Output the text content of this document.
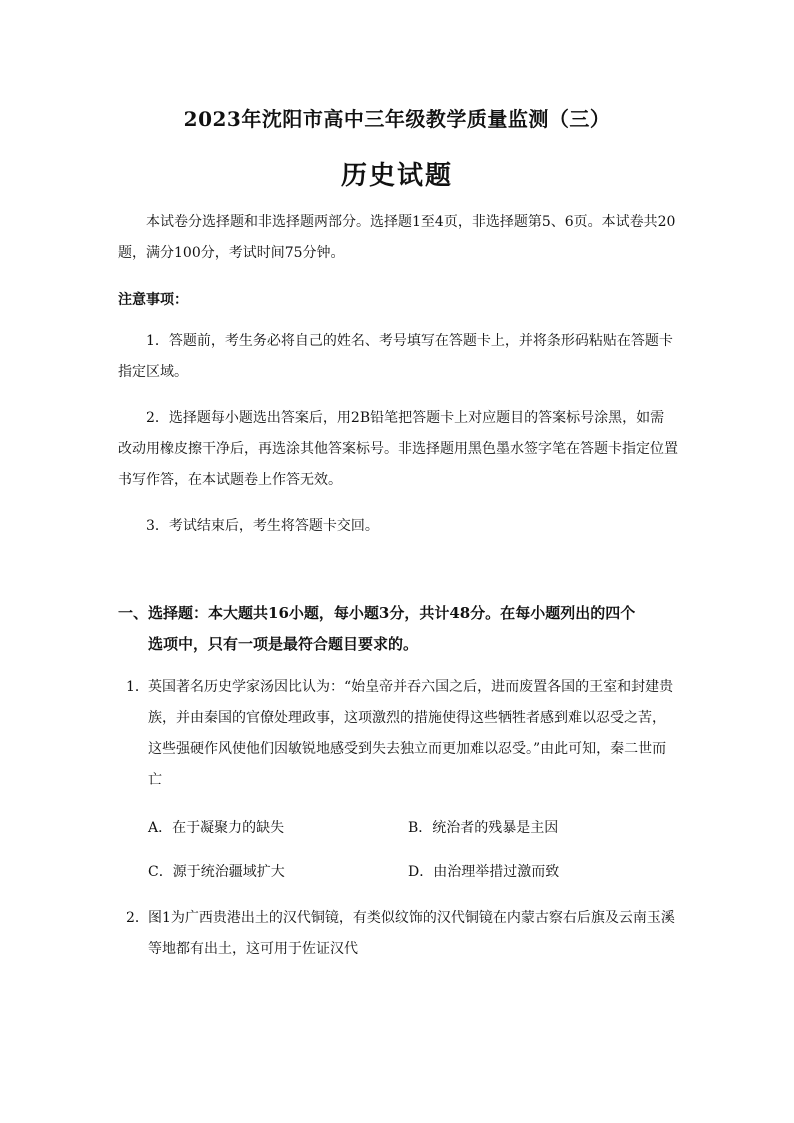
2023年沈阳市高中三年级教学质量监测（三）
历史试题
本试卷分选择题和非选择题两部分。选择题1至4页，非选择题第5、6页。本试卷共20题，满分100分，考试时间75分钟。
注意事项：
1．答题前，考生务必将自己的姓名、考号填写在答题卡上，并将条形码粘贴在答题卡指定区域。
2．选择题每小题选出答案后，用2B铅笔把答题卡上对应题目的答案标号涂黑，如需改动用橡皮擦干净后，再选涂其他答案标号。非选择题用黑色墨水签字笔在答题卡指定位置书写作答，在本试题卷上作答无效。
3．考试结束后，考生将答题卡交回。
一、选择题：本大题共16小题，每小题3分，共计48分。在每小题列出的四个
选项中，只有一项是最符合题目要求的。
1． 英国著名历史学家汤因比认为：“始皇帝并吞六国之后，进而废置各国的王室和封建贵族，并由秦国的官僚处理政事，这项激烈的措施使得这些牺牲者感到难以忍受之苦，这些强硬作风使他们因敏锐地感受到失去独立而更加难以忍受。”由此可知，秦二世而亡
A．在于凝聚力的缺失	B．统治者的残暴是主因
C．源于统治疆域扩大	D．由治理举措过激而致
2． 图1为广西贵港出土的汉代铜镜，有类似纹饰的汉代铜镜在内蒙古察右后旗及云南玉溪等地都有出土，这可用于佐证汉代
